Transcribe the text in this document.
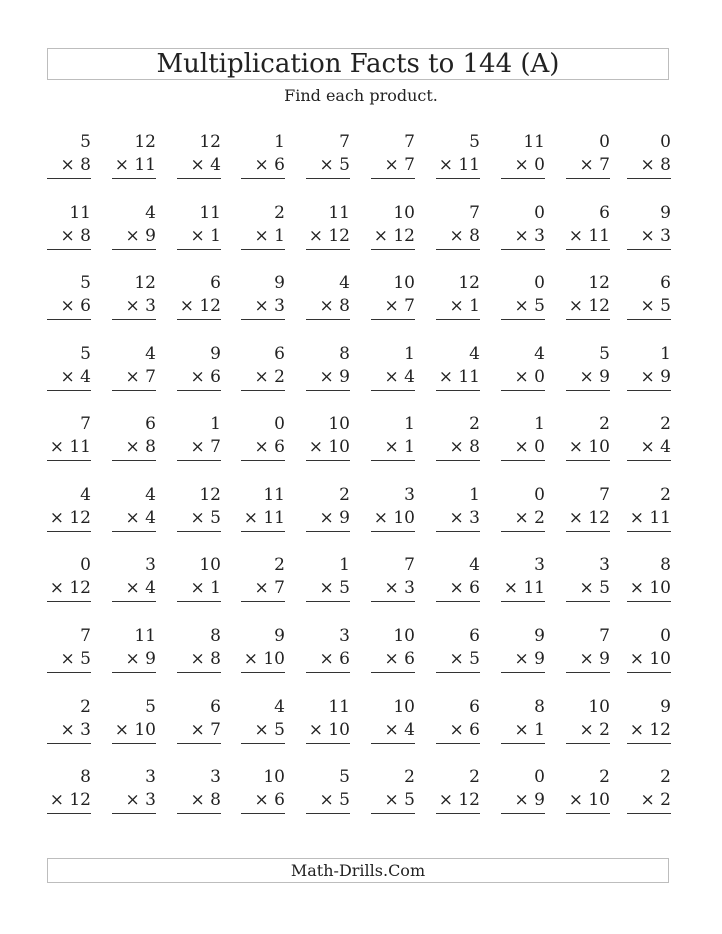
Multiplication Facts to 144 (A)
Find each product.
5
× 8
12
× 11
12
× 4
1
× 6
7
× 5
7
× 7
5
× 11
11
× 0
0
× 7
0
× 8
11
× 8
4
× 9
11
× 1
2
× 1
11
× 12
10
× 12
7
× 8
0
× 3
6
× 11
9
× 3
5
× 6
12
× 3
6
× 12
9
× 3
4
× 8
10
× 7
12
× 1
0
× 5
12
× 12
6
× 5
5
× 4
4
× 7
9
× 6
6
× 2
8
× 9
1
× 4
4
× 11
4
× 0
5
× 9
1
× 9
7
× 11
6
× 8
1
× 7
0
× 6
10
× 10
1
× 1
2
× 8
1
× 0
2
× 10
2
× 4
4
× 12
4
× 4
12
× 5
11
× 11
2
× 9
3
× 10
1
× 3
0
× 2
7
× 12
2
× 11
0
× 12
3
× 4
10
× 1
2
× 7
1
× 5
7
× 3
4
× 6
3
× 11
3
× 5
8
× 10
7
× 5
11
× 9
8
× 8
9
× 10
3
× 6
10
× 6
6
× 5
9
× 9
7
× 9
0
× 10
2
× 3
5
× 10
6
× 7
4
× 5
11
× 10
10
× 4
6
× 6
8
× 1
10
× 2
9
× 12
8
× 12
3
× 3
3
× 8
10
× 6
5
× 5
2
× 5
2
× 12
0
× 9
2
× 10
2
× 2
Math-Drills.Com
